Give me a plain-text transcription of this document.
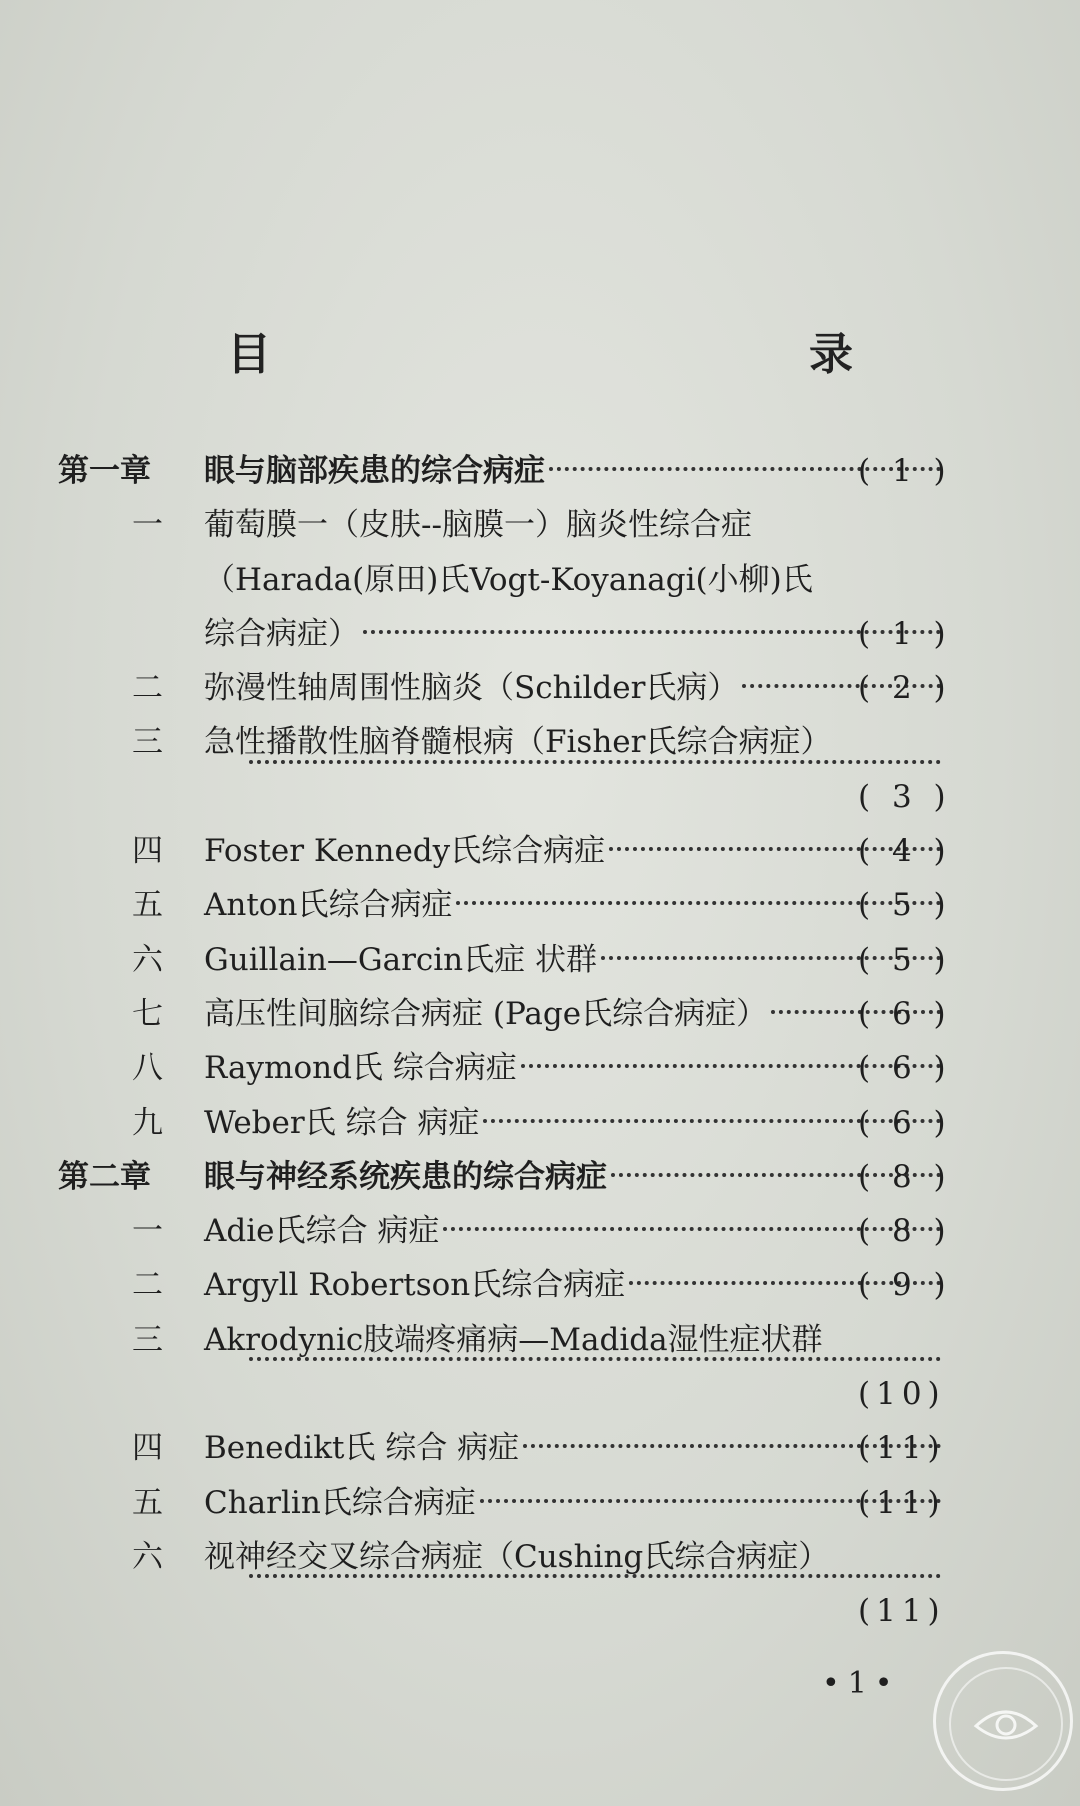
目　　录
第一章 眼与脑部疾患的综合病症	( 1 )
一	葡萄膜一（皮肤--脑膜一）脑炎性综合症
（Harada(原田)氏Vogt-Koyanagi(小柳)氏
综合病症）	( 1 )
二	弥漫性轴周围性脑炎（Schilder氏病）	( 2 )
三	急性播散性脑脊髓根病（Fisher氏综合病症）
( 3 )
四	Foster Kennedy氏综合病症	( 4 )
五	Anton氏综合病症	( 5 )
六	Guillain—Garcin氏症 状群	( 5 )
七	高压性间脑综合病症 (Page氏综合病症）	( 6 )
八	Raymond氏 综合病症	( 6 )
九	Weber氏 综合 病症	( 6 )
第二章 眼与神经系统疾患的综合病症	( 8 )
一	Adie氏综合 病症	( 8 )
二	Argyll Robertson氏综合病症	( 9 )
三	Akrodynic肢端疼痛病—Madida湿性症状群
(10)
四	Benedikt氏 综合 病症	(11)
五	Charlin氏综合病症	(11)
六	视神经交叉综合病症（Cushing氏综合病症）
(11)
•1•
